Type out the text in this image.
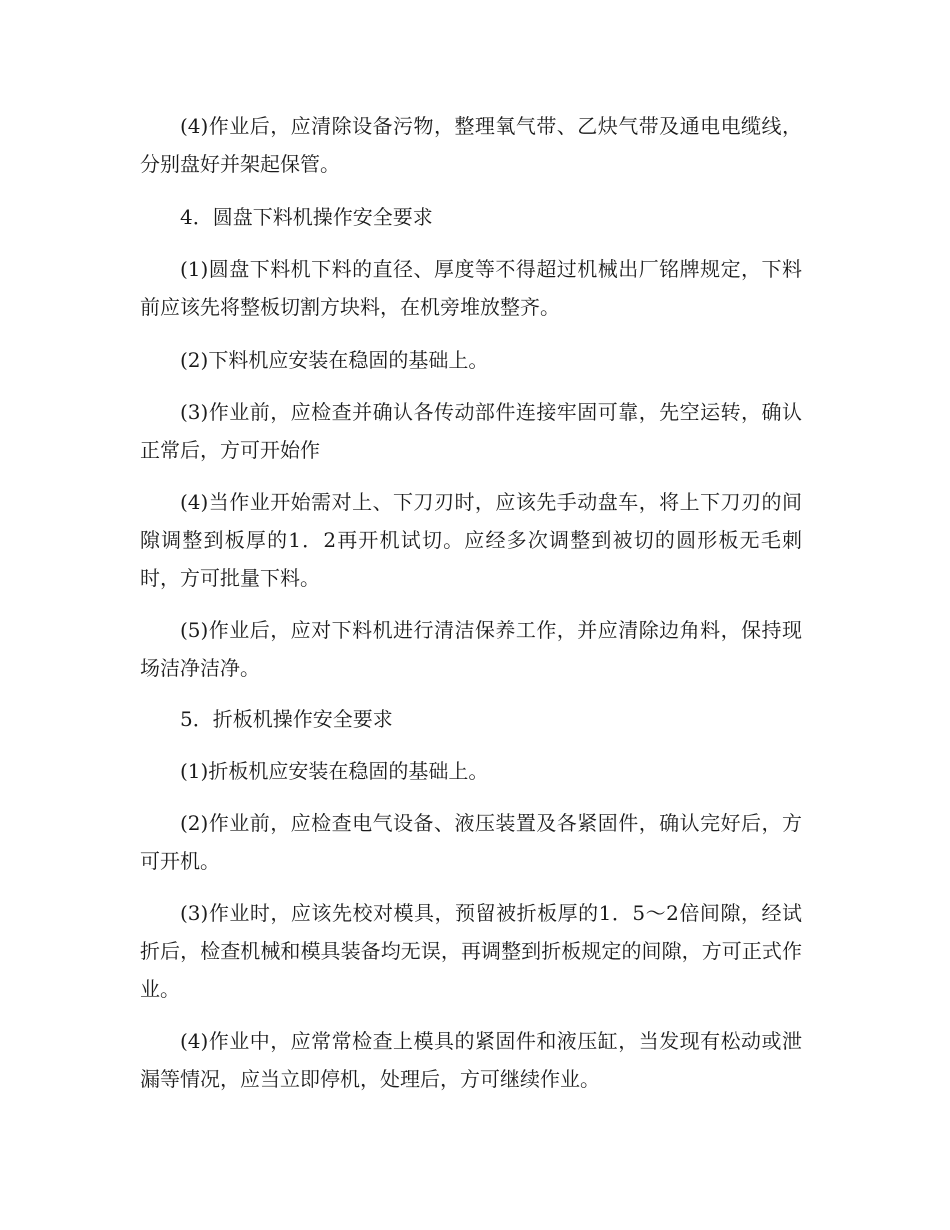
(4)作业后，应清除设备污物，整理氧气带、乙炔气带及通电电缆线，分别盘好并架起保管。

4．圆盘下料机操作安全要求

(1)圆盘下料机下料的直径、厚度等不得超过机械出厂铭牌规定，下料前应该先将整板切割方块料，在机旁堆放整齐。

(2)下料机应安装在稳固的基础上。

(3)作业前，应检查并确认各传动部件连接牢固可靠，先空运转，确认正常后，方可开始作

(4)当作业开始需对上、下刀刃时，应该先手动盘车，将上下刀刃的间隙调整到板厚的1．2再开机试切。应经多次调整到被切的圆形板无毛刺时，方可批量下料。

(5)作业后，应对下料机进行清洁保养工作，并应清除边角料，保持现场洁净洁净。

5．折板机操作安全要求

(1)折板机应安装在稳固的基础上。

(2)作业前，应检查电气设备、液压装置及各紧固件，确认完好后，方可开机。

(3)作业时，应该先校对模具，预留被折板厚的1．5～2倍间隙，经试折后，检查机械和模具装备均无误，再调整到折板规定的间隙，方可正式作业。

(4)作业中，应常常检查上模具的紧固件和液压缸，当发现有松动或泄漏等情况，应当立即停机，处理后，方可继续作业。
